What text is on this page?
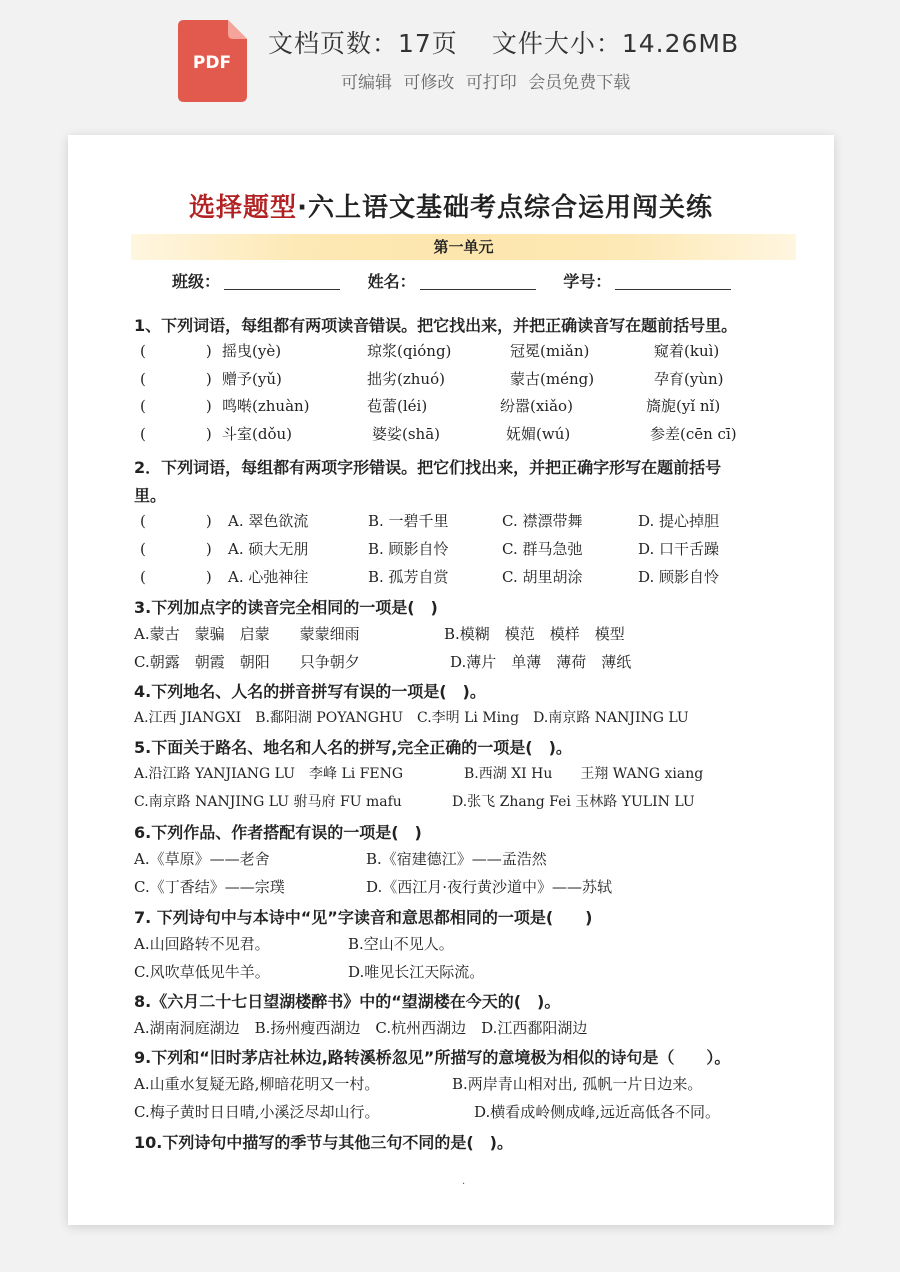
PDF
文档页数：17页 文件大小：14.26MB
可编辑 可修改 可打印 会员免费下载
选择题型·六上语文基础考点综合运用闯关练
第一单元
班级：	姓名：	学号：
1、下列词语，每组都有两项读音错误。把它找出来，并把正确读音写在题前括号里。
(　　　　) 摇曳(yè)	琼浆(qióng)	冠冕(miǎn)	窥着(kuì)
(　　　　) 赠予(yǔ)	拙劣(zhuó)	蒙古(méng)	孕育(yùn)
(　　　　) 鸣啭(zhuàn)	苞蕾(léi)	纷嚣(xiǎo)	旖旎(yǐ nǐ)
(　　　　) 斗室(dǒu)	婆娑(shā)	妩媚(wú)	参差(cēn cī)
2．下列词语，每组都有两项字形错误。把它们找出来，并把正确字形写在题前括号
里。
(　　　　) A. 翠色欲流	B. 一碧千里	C. 襟漂带舞	D. 提心掉胆
(　　　　) A. 硕大无朋	B. 顾影自怜	C. 群马急弛	D. 口干舌躁
(　　　　) A. 心弛神往	B. 孤芳自赏	C. 胡里胡涂	D. 顾影自怜
3.下列加点字的读音完全相同的一项是(　)
A.蒙古　蒙骗　启蒙　　蒙蒙细雨	B.模糊　模范　模样　模型
C.朝露　朝霞　朝阳　　只争朝夕	D.薄片　单薄　薄荷　薄纸
4.下列地名、人名的拼音拼写有误的一项是(　)。
A.江西 JIANGXI　B.鄱阳湖 POYANGHU　C.李明 Li Ming　D.南京路 NANJING LU
5.下面关于路名、地名和人名的拼写,完全正确的一项是(　)。
A.沿江路 YANJIANG LU　李峰 Li FENG	B.西湖 XI Hu　　王翔 WANG xiang
C.南京路 NANJING LU 驸马府 FU mafu	D.张飞 Zhang Fei 玉林路 YULIN LU
6.下列作品、作者搭配有误的一项是(　)
A.《草原》——老舍	B.《宿建德江》——孟浩然
C.《丁香结》——宗璞	D.《西江月·夜行黄沙道中》——苏轼
7. 下列诗句中与本诗中“见”字读音和意思都相同的一项是(　　)
A.山回路转不见君。	B.空山不见人。
C.风吹草低见牛羊。	D.唯见长江天际流。
8.《六月二十七日望湖楼醉书》中的“望湖楼在今天的(　)。
A.湖南洞庭湖边　B.扬州瘦西湖边　C.杭州西湖边　D.江西鄱阳湖边
9.下列和“旧时茅店社林边,路转溪桥忽见”所描写的意境极为相似的诗句是（　　）。
A.山重水复疑无路,柳暗花明又一村。	B.两岸青山相对出, 孤帆一片日边来。
C.梅子黄时日日晴,小溪泛尽却山行。	D.横看成岭侧成峰,远近高低各不同。
10.下列诗句中描写的季节与其他三句不同的是(　)。
·
